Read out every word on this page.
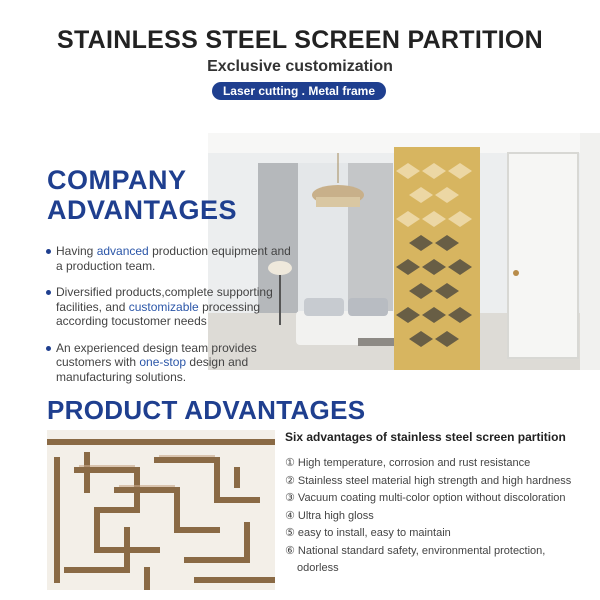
STAINLESS STEEL SCREEN PARTITION
Exclusive customization
Laser cutting . Metal frame
COMPANY
ADVANTAGES
Having advanced production equipment and a production team.
Diversified products,complete supporting facilities, and customizable processing according tocustomer needs
An experienced design team provides customers with one-stop design and manufacturing solutions.
PRODUCT ADVANTAGES
Six advantages of stainless steel screen partition
① High temperature, corrosion and rust resistance
② Stainless steel material high strength and high hardness
③ Vacuum coating multi-color option without discoloration
④ Ultra high gloss
⑤ easy to install, easy to maintain
⑥ National standard safety, environmental protection,
odorless
